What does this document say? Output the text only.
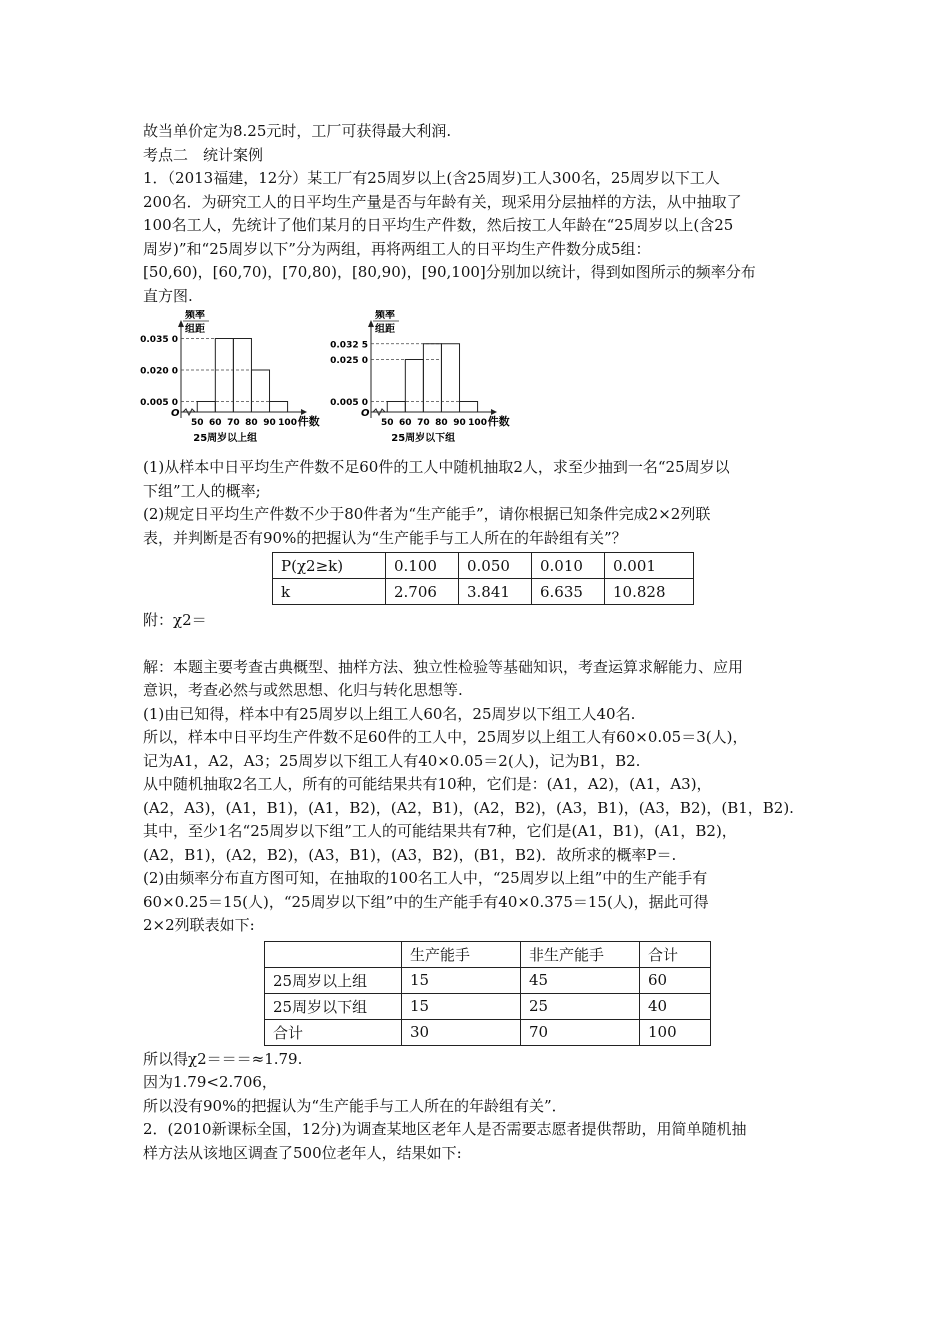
故当单价定为8.25元时，工厂可获得最大利润.
考点二　统计案例
1．（2013福建，12分）某工厂有25周岁以上(含25周岁)工人300名，25周岁以下工人
200名．为研究工人的日平均生产量是否与年龄有关，现采用分层抽样的方法，从中抽取了
100名工人，先统计了他们某月的日平均生产件数，然后按工人年龄在“25周岁以上(含25
周岁)”和“25周岁以下”分为两组，再将两组工人的日平均生产件数分成5组：
[50,60)，[60,70)，[70,80)，[80,90)，[90,100]分别加以统计，得到如图所示的频率分布
直方图.
频率
组距
O
0.005 0
0.020 0
0.035 0
50 60 70 80 90 100 件数
25周岁以上组
频率
组距
O
0.005 0
0.025 0
0.032 5
50 60 70 80 90 100 件数
25周岁以下组
(1)从样本中日平均生产件数不足60件的工人中随机抽取2人，求至少抽到一名“25周岁以
下组”工人的概率;
(2)规定日平均生产件数不少于80件者为“生产能手”，请你根据已知条件完成2×2列联
表，并判断是否有90%的把握认为“生产能手与工人所在的年龄组有关”？
P(χ2≥k)	0.100	0.050	0.010	0.001
k	2.706	3.841	6.635	10.828
附：χ2＝
解：本题主要考查古典概型、抽样方法、独立性检验等基础知识，考查运算求解能力、应用
意识，考查必然与或然思想、化归与转化思想等.
(1)由已知得，样本中有25周岁以上组工人60名，25周岁以下组工人40名.
所以，样本中日平均生产件数不足60件的工人中，25周岁以上组工人有60×0.05＝3(人)，
记为A1，A2，A3；25周岁以下组工人有40×0.05＝2(人)，记为B1，B2.
从中随机抽取2名工人，所有的可能结果共有10种，它们是：(A1，A2)，(A1，A3)，
(A2，A3)，(A1，B1)，(A1，B2)，(A2，B1)，(A2，B2)，(A3，B1)，(A3，B2)，(B1，B2).
其中，至少1名“25周岁以下组”工人的可能结果共有7种，它们是(A1，B1)，(A1，B2)，
(A2，B1)，(A2，B2)，(A3，B1)，(A3，B2)，(B1，B2)．故所求的概率P＝.
(2)由频率分布直方图可知，在抽取的100名工人中，“25周岁以上组”中的生产能手有
60×0.25＝15(人)，“25周岁以下组”中的生产能手有40×0.375＝15(人)，据此可得
2×2列联表如下:
	生产能手	非生产能手	合计
25周岁以上组	15	45	60
25周岁以下组	15	25	40
合计	30	70	100
所以得χ2＝＝＝≈1.79.
因为1.79<2.706，
所以没有90%的把握认为“生产能手与工人所在的年龄组有关”．
2．(2010新课标全国，12分)为调查某地区老年人是否需要志愿者提供帮助，用简单随机抽
样方法从该地区调查了500位老年人，结果如下:
